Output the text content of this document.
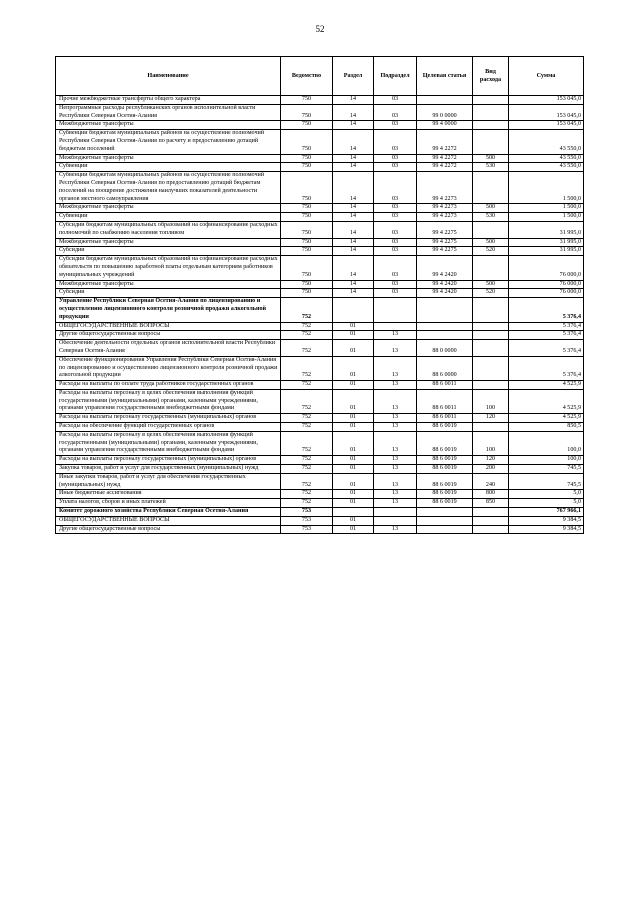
52
Наименование	Ведомство	Раздел	Подраздел	Целевая статья	Вид расхода	Сумма
Прочие межбюджетные трансферты общего характера	750	14	03			153 045,0
Непрограммные расходы республиканских органов исполнительной власти Республики Северная Осетия-Алания	750	14	03	99 0 0000		153 045,0
Межбюджетные трансферты	750	14	03	99 4 0000		153 045,0
Субвенции бюджетам муниципальных районов на осуществление полномочий Республики Северная Осетия-Алания по расчету и предоставлению дотаций бюджетам поселений	750	14	03	99 4 2272		43 550,0
Межбюджетные трансферты	750	14	03	99 4 2272	500	43 550,0
Субвенции	750	14	03	99 4 2272	530	43 550,0
Субвенции бюджетам муниципальных районов на осуществление полномочий Республики Северная Осетия-Алания по предоставлению дотаций бюджетам поселений на поощрение достижения наилучших показателей деятельности органов местного самоуправления	750	14	03	99 4 2273		1 500,0
Межбюджетные трансферты	750	14	03	99 4 2273	500	1 500,0
Субвенции	750	14	03	99 4 2273	530	1 500,0
Субсидии бюджетам муниципальных образований на софинансирование расходных полномочий по снабжению населения топливом	750	14	03	99 4 2275		31 995,0
Межбюджетные трансферты	750	14	03	99 4 2275	500	31 995,0
Субсидии	750	14	03	99 4 2275	520	31 995,0
Субсидии бюджетам муниципальных образований на софинансирование расходных обязательств по повышению заработной платы отдельным категориям работников муниципальных учреждений	750	14	03	99 4 2420		76 000,0
Межбюджетные трансферты	750	14	03	99 4 2420	500	76 000,0
Субсидии	750	14	03	99 4 2420	520	76 000,0
Управление Республики Северная Осетия-Алания по лицензированию и осуществлению лицензионного контроля розничной продажи алкогольной продукции	752					5 376,4
ОБЩЕГОСУДАРСТВЕННЫЕ ВОПРОСЫ	752	01				5 376,4
Другие общегосударственные вопросы	752	01	13			5 376,4
Обеспечение деятельности отдельных органов исполнительной власти Республики Северная Осетия-Алания	752	01	13	88 0 0000		5 376,4
Обеспечение функционирования Управления Республики Северная Осетия-Алания по лицензированию и осуществлению лицензионного контроля розничной продажи алкогольной продукции	752	01	13	88 6 0000		5 376,4
Расходы на выплаты по оплате труда работников государственных органов	752	01	13	88 6 0011		4 525,9
Расходы на выплаты персоналу в целях обеспечения выполнения функций государственными (муниципальными) органами, казенными учреждениями, органами управления государственными внебюджетными фондами	752	01	13	88 6 0011	100	4 525,9
Расходы на выплаты персоналу государственных (муниципальных) органов	752	01	13	88 6 0011	120	4 525,9
Расходы на обеспечение функций государственных органов	752	01	13	88 6 0019		850,5
Расходы на выплаты персоналу в целях обеспечения выполнения функций государственными (муниципальными) органами, казенными учреждениями, органами управления государственными внебюджетными фондами	752	01	13	88 6 0019	100	100,0
Расходы на выплаты персоналу государственных (муниципальных) органов	752	01	13	88 6 0019	120	100,0
Закупка товаров, работ и услуг для государственных (муниципальных) нужд	752	01	13	88 6 0019	200	745,5
Иные закупки товаров, работ и услуг для обеспечения государственных (муниципальных) нужд	752	01	13	88 6 0019	240	745,5
Иные бюджетные ассигнования	752	01	13	88 6 0019	800	5,0
Уплата налогов, сборов и иных платежей	752	01	13	88 6 0019	850	5,0
Комитет дорожного хозяйства Республики Северная Осетия-Алания	753					767 966,1
ОБЩЕГОСУДАРСТВЕННЫЕ ВОПРОСЫ	753	01				9 384,5
Другие общегосударственные вопросы	753	01	13			9 384,5
